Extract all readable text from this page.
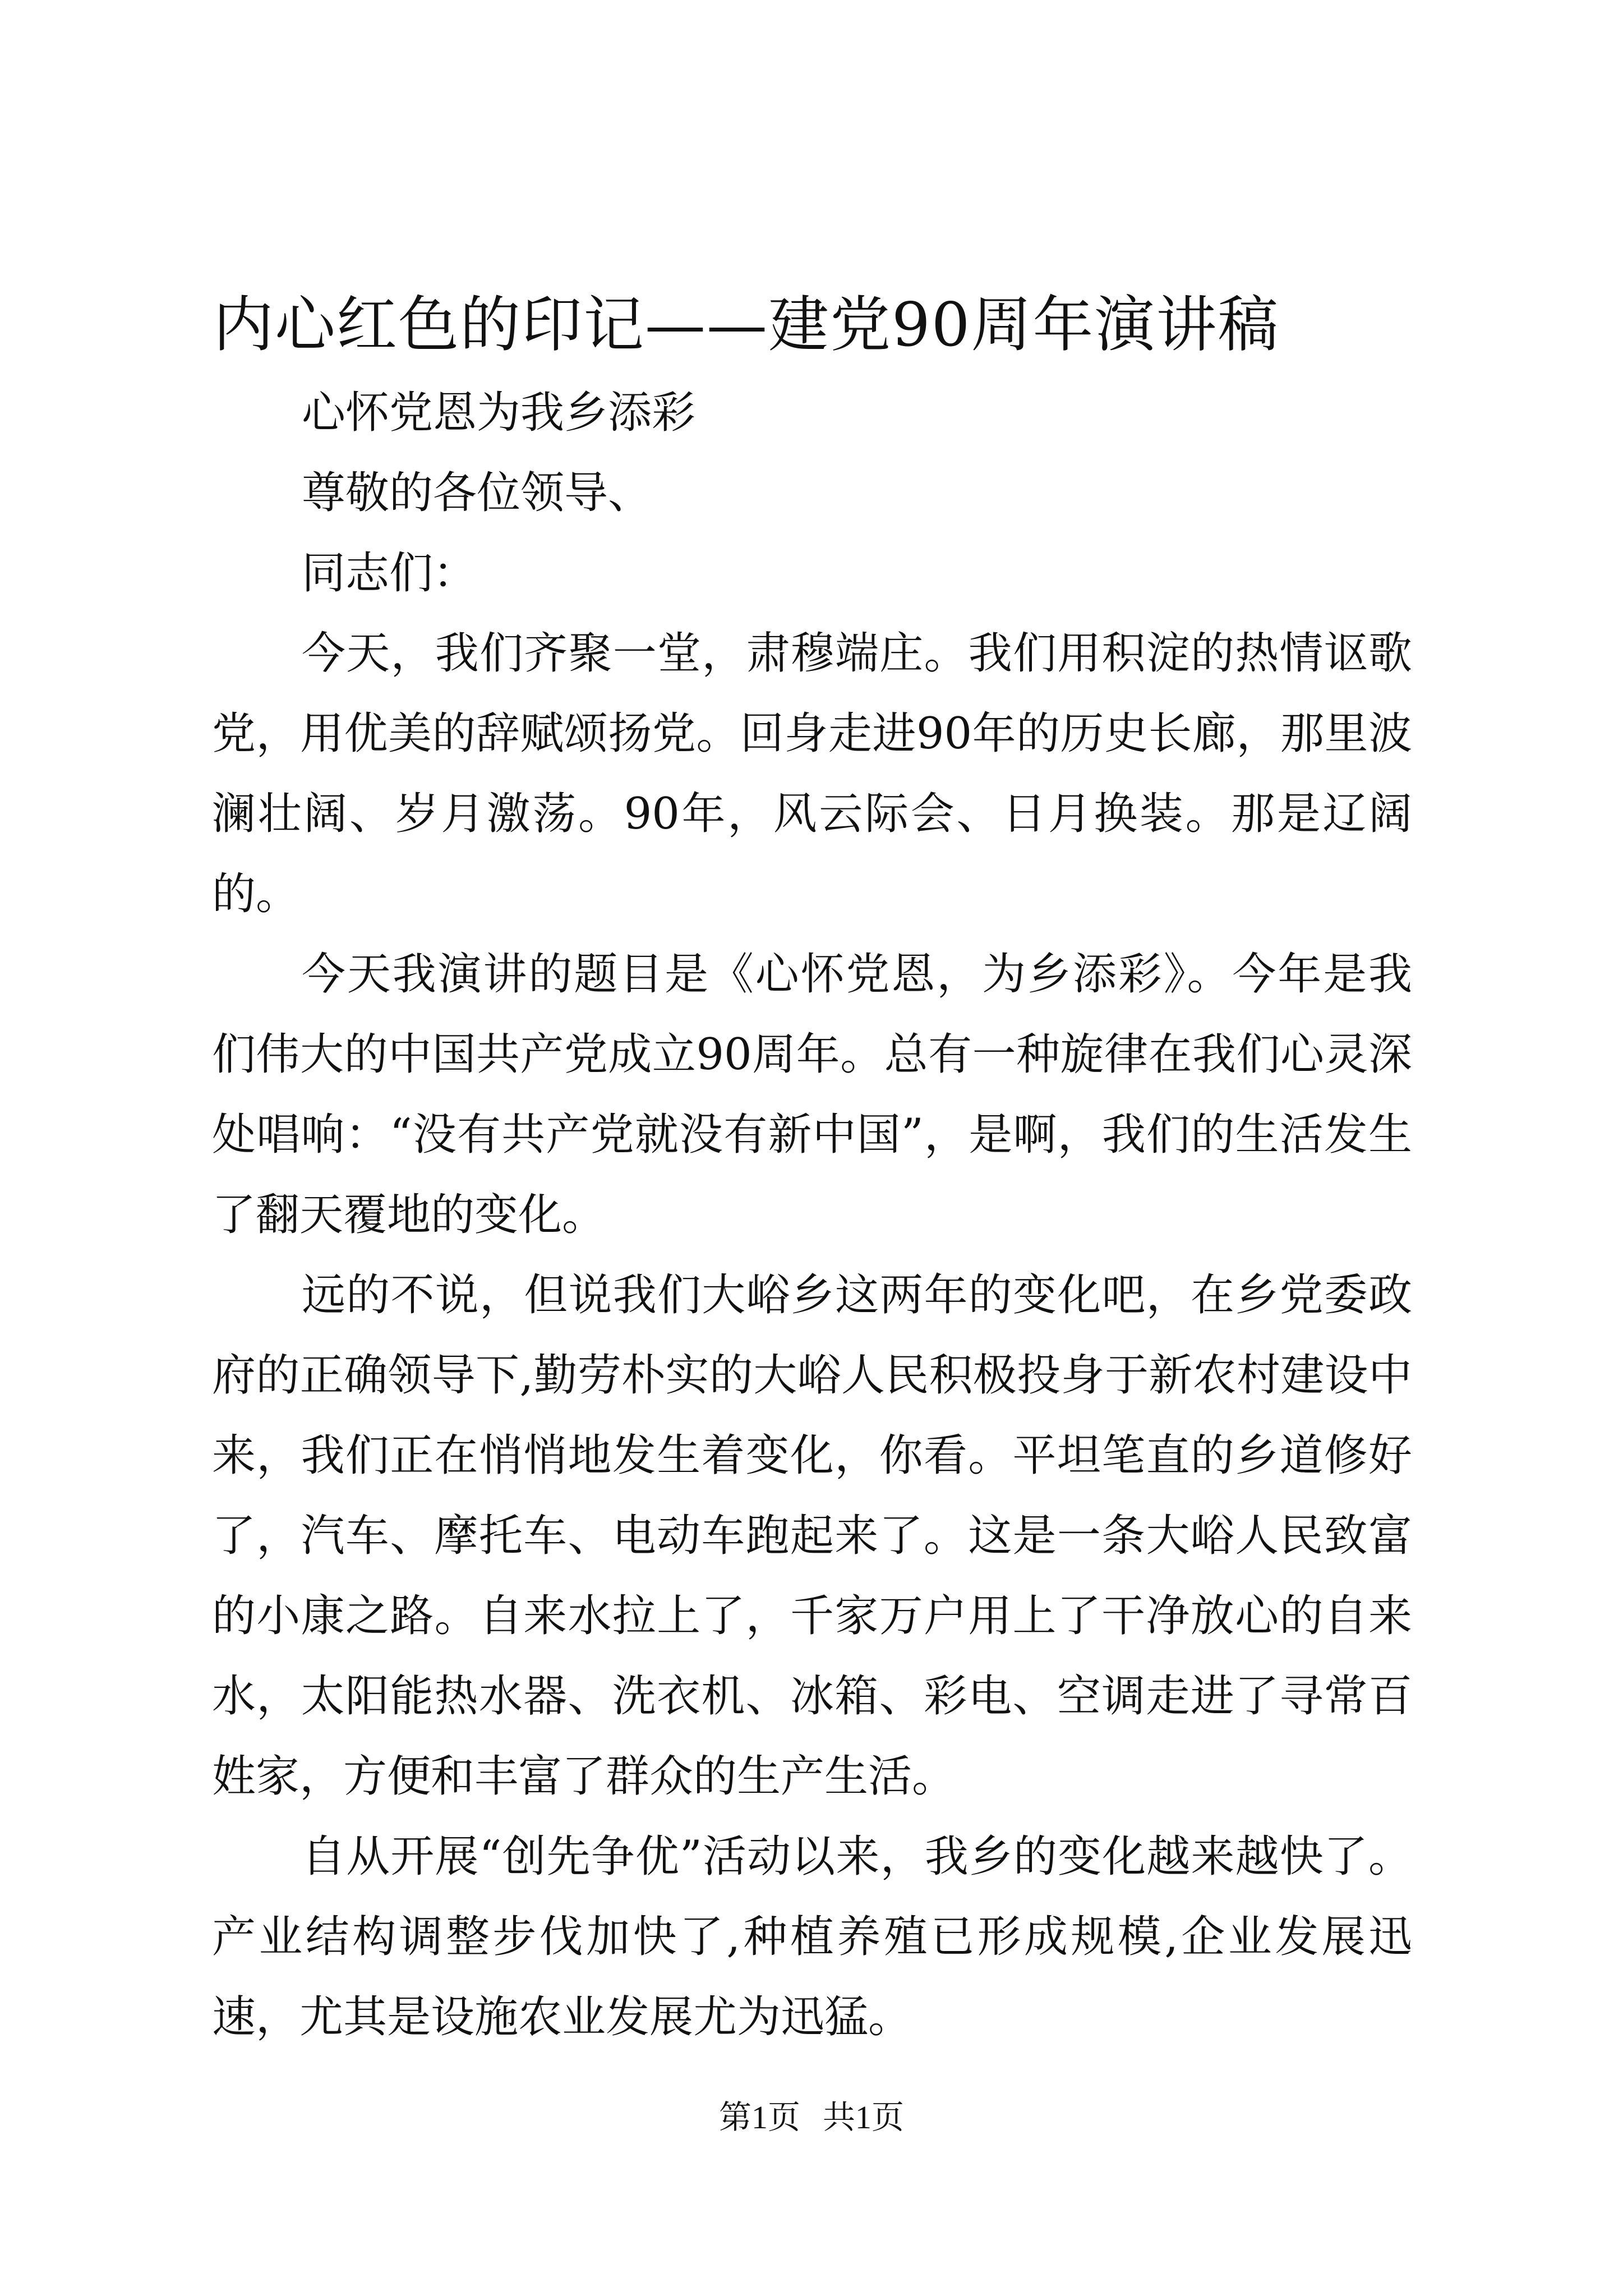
内心红色的印记——建党90周年演讲稿

心怀党恩为我乡添彩

尊敬的各位领导、

同志们：

今天，我们齐聚一堂，肃穆端庄。我们用积淀的热情讴歌党，用优美的辞赋颂扬党。回身走进90年的历史长廊，那里波澜壮阔、岁月激荡。90年，风云际会、日月换装。那是辽阔的。

今天我演讲的题目是《心怀党恩，为乡添彩》。今年是我们伟大的中国共产党成立90周年。总有一种旋律在我们心灵深处唱响：“没有共产党就没有新中国”，是啊，我们的生活发生了翻天覆地的变化。

远的不说，但说我们大峪乡这两年的变化吧，在乡党委政府的正确领导下,勤劳朴实的大峪人民积极投身于新农村建设中来，我们正在悄悄地发生着变化，你看。平坦笔直的乡道修好了，汽车、摩托车、电动车跑起来了。这是一条大峪人民致富的小康之路。自来水拉上了，千家万户用上了干净放心的自来水，太阳能热水器、洗衣机、冰箱、彩电、空调走进了寻常百姓家，方便和丰富了群众的生产生活。

自从开展“创先争优”活动以来，我乡的变化越来越快了。产业结构调整步伐加快了,种植养殖已形成规模,企业发展迅速，尤其是设施农业发展尤为迅猛。

第1页 共1页
